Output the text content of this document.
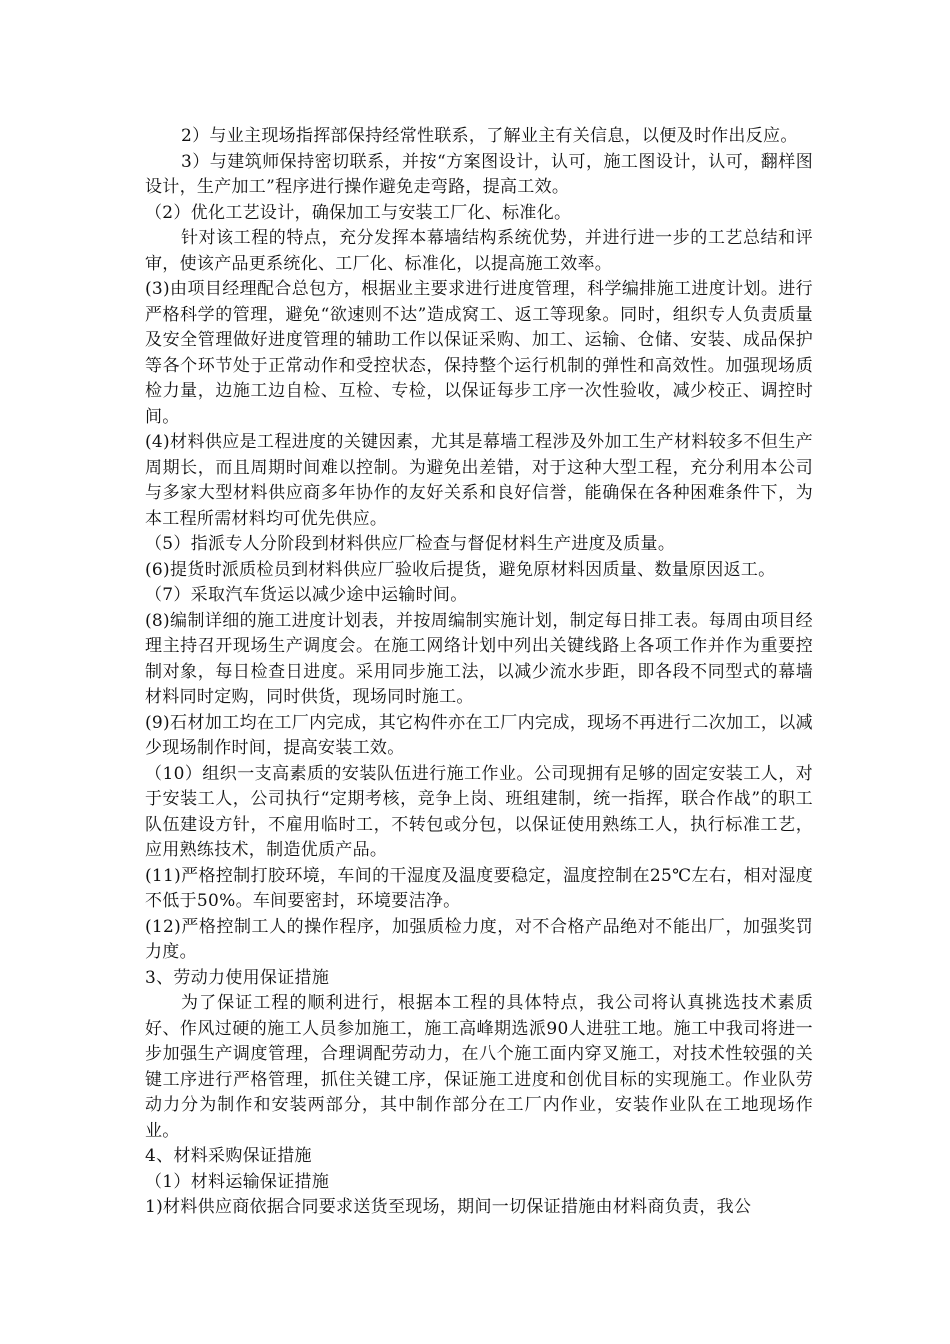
2）与业主现场指挥部保持经常性联系，了解业主有关信息，以便及时作出反应。

3）与建筑师保持密切联系，并按“方案图设计，认可，施工图设计，认可，翻样图设计，生产加工”程序进行操作避免走弯路，提高工效。

（2）优化工艺设计，确保加工与安装工厂化、标准化。

针对该工程的特点，充分发挥本幕墙结构系统优势，并进行进一步的工艺总结和评审，使该产品更系统化、工厂化、标准化，以提高施工效率。

(3)由项目经理配合总包方，根据业主要求进行进度管理，科学编排施工进度计划。进行严格科学的管理，避免“欲速则不达”造成窝工、返工等现象。同时，组织专人负责质量及安全管理做好进度管理的辅助工作以保证采购、加工、运输、仓储、安装、成品保护等各个环节处于正常动作和受控状态，保持整个运行机制的弹性和高效性。加强现场质检力量，边施工边自检、互检、专检，以保证每步工序一次性验收，减少校正、调控时间。

(4)材料供应是工程进度的关键因素，尤其是幕墙工程涉及外加工生产材料较多不但生产周期长，而且周期时间难以控制。为避免出差错，对于这种大型工程，充分利用本公司与多家大型材料供应商多年协作的友好关系和良好信誉，能确保在各种困难条件下，为本工程所需材料均可优先供应。

（5）指派专人分阶段到材料供应厂检查与督促材料生产进度及质量。

(6)提货时派质检员到材料供应厂验收后提货，避免原材料因质量、数量原因返工。

（7）采取汽车货运以减少途中运输时间。

(8)编制详细的施工进度计划表，并按周编制实施计划，制定每日排工表。每周由项目经理主持召开现场生产调度会。在施工网络计划中列出关键线路上各项工作并作为重要控制对象，每日检查日进度。采用同步施工法，以减少流水步距，即各段不同型式的幕墙材料同时定购，同时供货，现场同时施工。

(9)石材加工均在工厂内完成，其它构件亦在工厂内完成，现场不再进行二次加工，以减少现场制作时间，提高安装工效。

（10）组织一支高素质的安装队伍进行施工作业。公司现拥有足够的固定安装工人，对于安装工人，公司执行“定期考核，竞争上岗、班组建制，统一指挥，联合作战”的职工队伍建设方针，不雇用临时工，不转包或分包，以保证使用熟练工人，执行标准工艺，应用熟练技术，制造优质产品。

(11)严格控制打胶环境，车间的干湿度及温度要稳定，温度控制在25℃左右，相对湿度不低于50%。车间要密封，环境要洁净。

(12)严格控制工人的操作程序，加强质检力度，对不合格产品绝对不能出厂，加强奖罚力度。

3、劳动力使用保证措施

为了保证工程的顺利进行，根据本工程的具体特点，我公司将认真挑选技术素质好、作风过硬的施工人员参加施工，施工高峰期选派90人进驻工地。施工中我司将进一步加强生产调度管理，合理调配劳动力，在八个施工面内穿叉施工，对技术性较强的关键工序进行严格管理，抓住关键工序，保证施工进度和创优目标的实现施工。作业队劳动力分为制作和安装两部分，其中制作部分在工厂内作业，安装作业队在工地现场作业。

4、材料采购保证措施

（1）材料运输保证措施

1)材料供应商依据合同要求送货至现场，期间一切保证措施由材料商负责，我公
